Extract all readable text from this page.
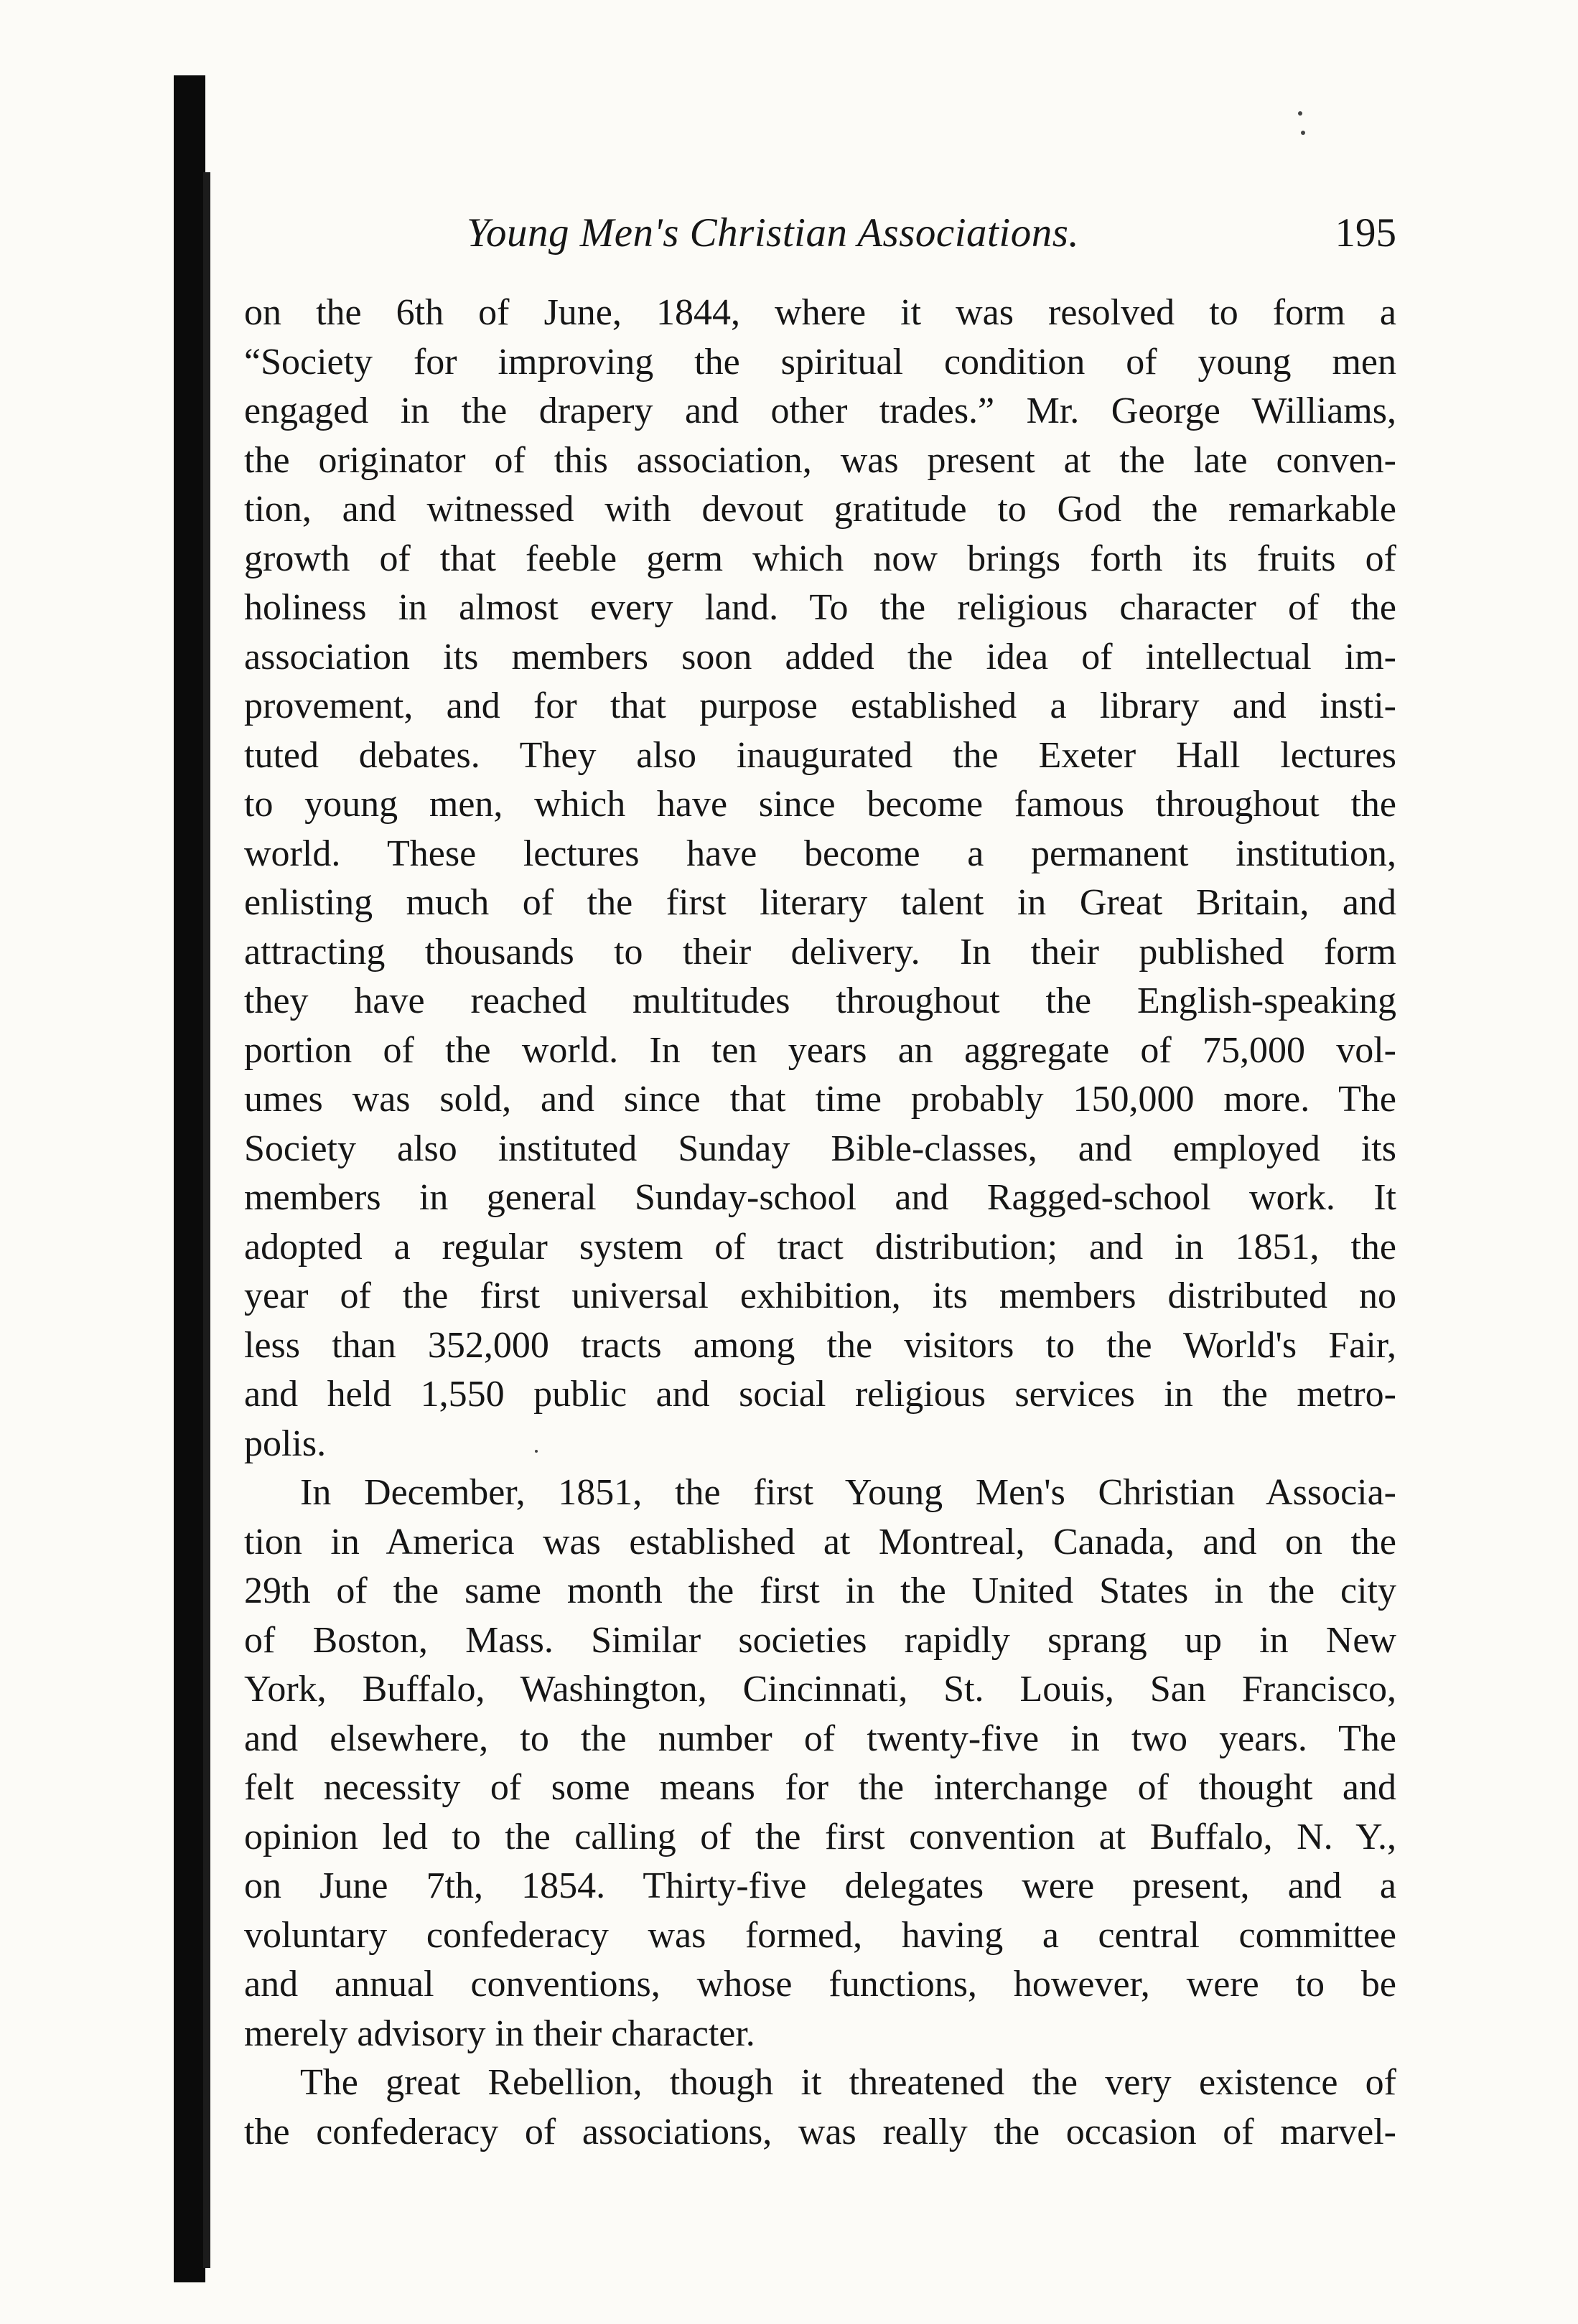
Young Men's Christian Associations.	195
on the 6th of June, 1844, where it was resolved to form a
“Society for improving the spiritual condition of young men
engaged in the drapery and other trades.” Mr. George Williams,
the originator of this association, was present at the late conven-
tion, and witnessed with devout gratitude to God the remarkable
growth of that feeble germ which now brings forth its fruits of
holiness in almost every land. To the religious character of the
association its members soon added the idea of intellectual im-
provement, and for that purpose established a library and insti-
tuted debates. They also inaugurated the Exeter Hall lectures
to young men, which have since become famous throughout the
world. These lectures have become a permanent institution,
enlisting much of the first literary talent in Great Britain, and
attracting thousands to their delivery. In their published form
they have reached multitudes throughout the English-speaking
portion of the world. In ten years an aggregate of 75,000 vol-
umes was sold, and since that time probably 150,000 more. The
Society also instituted Sunday Bible-classes, and employed its
members in general Sunday-school and Ragged-school work. It
adopted a regular system of tract distribution; and in 1851, the
year of the first universal exhibition, its members distributed no
less than 352,000 tracts among the visitors to the World's Fair,
and held 1,550 public and social religious services in the metro-
polis.
In December, 1851, the first Young Men's Christian Associa-
tion in America was established at Montreal, Canada, and on the
29th of the same month the first in the United States in the city
of Boston, Mass. Similar societies rapidly sprang up in New
York, Buffalo, Washington, Cincinnati, St. Louis, San Francisco,
and elsewhere, to the number of twenty-five in two years. The
felt necessity of some means for the interchange of thought and
opinion led to the calling of the first convention at Buffalo, N. Y.,
on June 7th, 1854. Thirty-five delegates were present, and a
voluntary confederacy was formed, having a central committee
and annual conventions, whose functions, however, were to be
merely advisory in their character.
The great Rebellion, though it threatened the very existence of
the confederacy of associations, was really the occasion of marvel-
